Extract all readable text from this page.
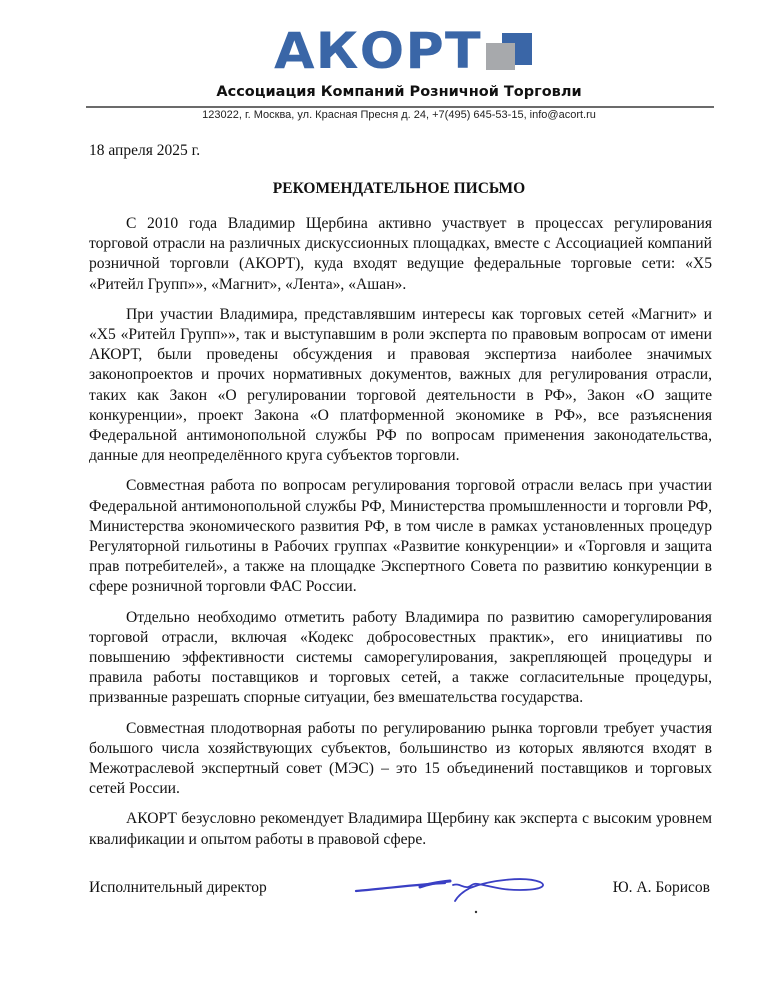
АКОРТ
Ассоциация Компаний Розничной Торговли
123022, г. Москва, ул. Красная Пресня д. 24, +7(495) 645-53-15, info@acort.ru
18 апреля 2025 г.
РЕКОМЕНДАТЕЛЬНОЕ ПИСЬМО

С 2010 года Владимир Щербина активно участвует в процессах регулирования торговой отрасли на различных дискуссионных площадках, вместе с Ассоциацией компаний розничной торговли (АКОРТ), куда входят ведущие федеральные торговые сети: «Х5 «Ритейл Групп»», «Магнит», «Лента», «Ашан».

При участии Владимира, представлявшим интересы как торговых сетей «Магнит» и «Х5 «Ритейл Групп»», так и выступавшим в роли эксперта по правовым вопросам от имени АКОРТ, были проведены обсуждения и правовая экспертиза наиболее значимых законопроектов и прочих нормативных документов, важных для регулирования отрасли, таких как Закон «О регулировании торговой деятельности в РФ», Закон «О защите конкуренции», проект Закона «О платформенной экономике в РФ», все разъяснения Федеральной антимонопольной службы РФ по вопросам применения законодательства, данные для неопределённого круга субъектов торговли.

Совместная работа по вопросам регулирования торговой отрасли велась при участии Федеральной антимонопольной службы РФ, Министерства промышленности и торговли РФ, Министерства экономического развития РФ, в том числе в рамках установленных процедур Регуляторной гильотины в Рабочих группах «Развитие конкуренции» и «Торговля и защита прав потребителей», а также на площадке Экспертного Совета по развитию конкуренции в сфере розничной торговли ФАС России.

Отдельно необходимо отметить работу Владимира по развитию саморегулирования торговой отрасли, включая «Кодекс добросовестных практик», его инициативы по повышению эффективности системы саморегулирования, закрепляющей процедуры и правила работы поставщиков и торговых сетей, а также согласительные процедуры, призванные разрешать спорные ситуации, без вмешательства государства.

Совместная плодотворная работы по регулированию рынка торговли требует участия большого числа хозяйствующих субъектов, большинство из которых являются входят в Межотраслевой экспертный совет (МЭС) – это 15 объединений поставщиков и торговых сетей России.

АКОРТ безусловно рекомендует Владимира Щербину как эксперта с высоким уровнем квалификации и опытом работы в правовой сфере.

Исполнительный директор	Ю. А. Борисов
